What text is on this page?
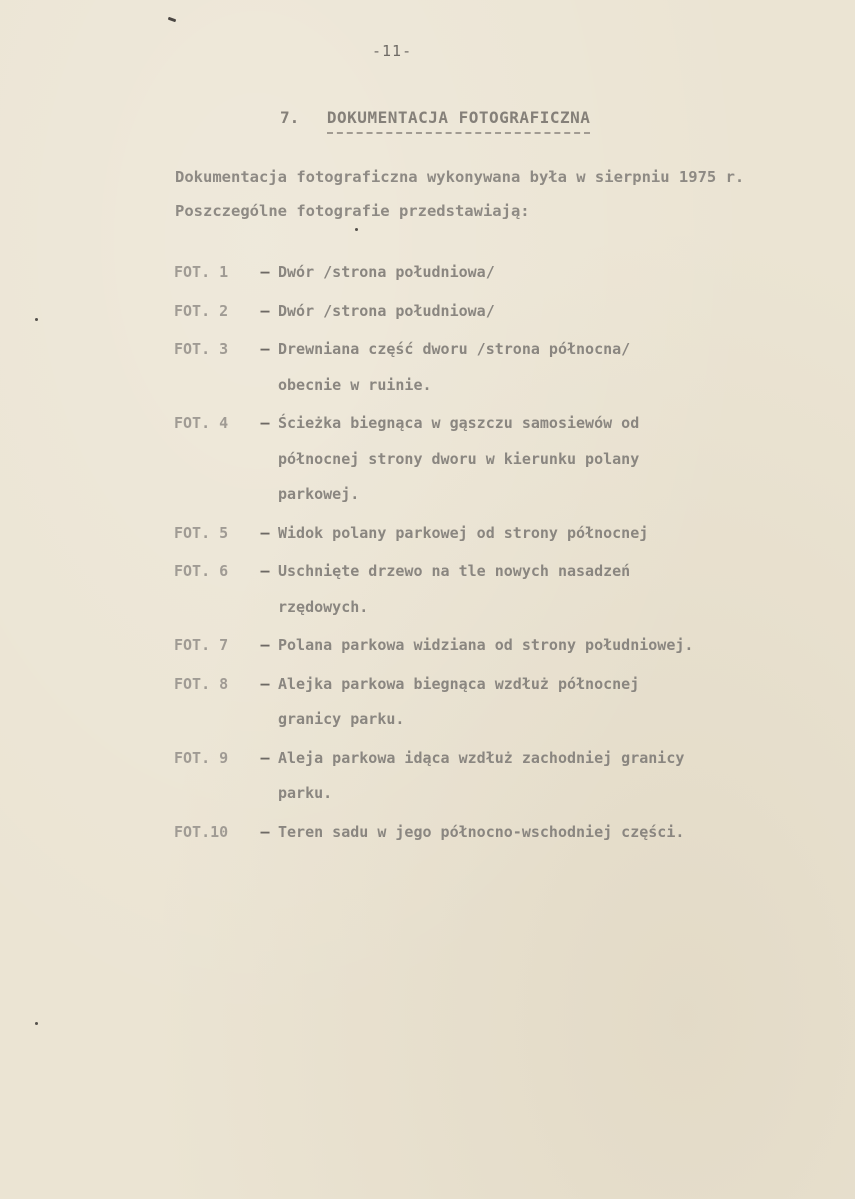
-11-
7. DOKUMENTACJA FOTOGRAFICZNA
Dokumentacja fotograficzna wykonywana była w sierpniu 1975 r.
Poszczególne fotografie przedstawiają:
FOT. 1	– Dwór /strona południowa/
FOT. 2	– Dwór /strona południowa/
FOT. 3	– Drewniana część dworu /strona północna/
obecnie w ruinie.
FOT. 4	– Ścieżka biegnąca w gąszczu samosiewów od
północnej strony dworu w kierunku polany
parkowej.
FOT. 5	– Widok polany parkowej od strony północnej
FOT. 6	– Uschnięte drzewo na tle nowych nasadzeń
rzędowych.
FOT. 7	– Polana parkowa widziana od strony południowej.
FOT. 8	– Alejka parkowa biegnąca wzdłuż północnej
granicy parku.
FOT. 9	– Aleja parkowa idąca wzdłuż zachodniej granicy
parku.
FOT.10	– Teren sadu w jego północno-wschodniej części.
